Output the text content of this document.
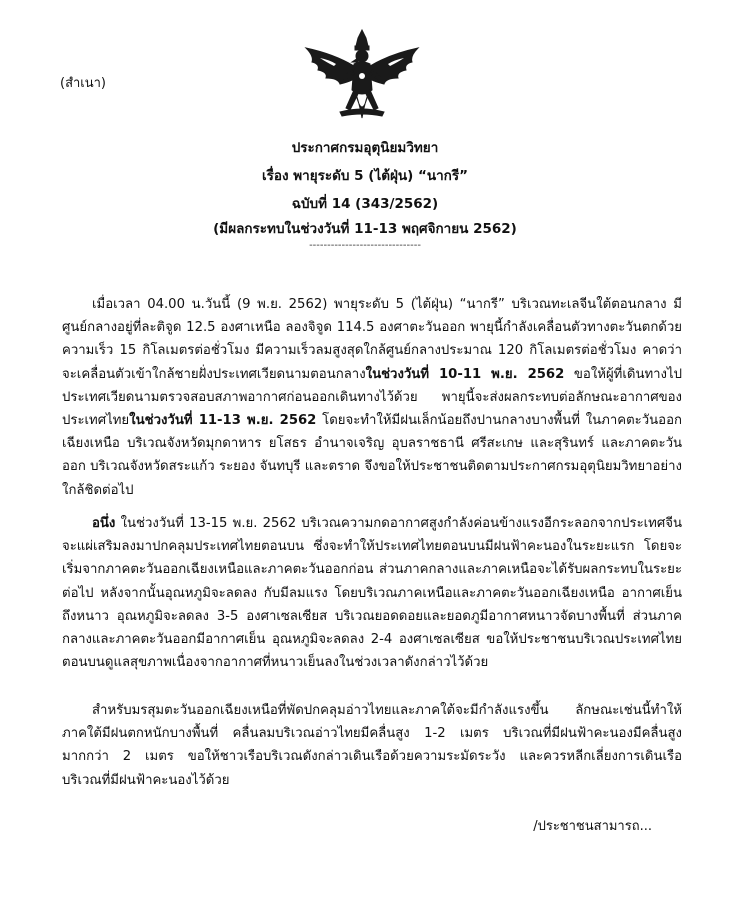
(สำเนา)
ประกาศกรมอุตุนิยมวิทยา
เรื่อง พายุระดับ 5 (ไต้ฝุ่น) “นากรี”
ฉบับที่ 14 (343/2562)
(มีผลกระทบในช่วงวันที่ 11-13 พฤศจิกายน 2562)
-------------------------------
เมื่อเวลา 04.00 น.วันนี้ (9 พ.ย. 2562) พายุระดับ 5 (ไต้ฝุ่น) “นากรี” บริเวณทะเลจีนใต้ตอนกลาง มีศูนย์กลางอยู่ที่ละติจูด 12.5 องศาเหนือ ลองจิจูด 114.5 องศาตะวันออก พายุนี้กำลังเคลื่อนตัวทางตะวันตกด้วยความเร็ว 15 กิโลเมตรต่อชั่วโมง มีความเร็วลมสูงสุดใกล้ศูนย์กลางประมาณ 120 กิโลเมตรต่อชั่วโมง คาดว่าจะเคลื่อนตัวเข้าใกล้ชายฝั่งประเทศเวียดนามตอนกลางในช่วงวันที่ 10-11 พ.ย. 2562 ขอให้ผู้ที่เดินทางไปประเทศเวียดนามตรวจสอบสภาพอากาศก่อนออกเดินทางไว้ด้วย พายุนี้จะส่งผลกระทบต่อลักษณะอากาศของประเทศไทยในช่วงวันที่ 11-13 พ.ย. 2562 โดยจะทำให้มีฝนเล็กน้อยถึงปานกลางบางพื้นที่ ในภาคตะวันออกเฉียงเหนือ บริเวณจังหวัดมุกดาหาร ยโสธร อำนาจเจริญ อุบลราชธานี ศรีสะเกษ และสุรินทร์ และภาคตะวันออก บริเวณจังหวัดสระแก้ว ระยอง จันทบุรี และตราด จึงขอให้ประชาชนติดตามประกาศกรมอุตุนิยมวิทยาอย่างใกล้ชิดต่อไป
อนึ่ง ในช่วงวันที่ 13-15 พ.ย. 2562 บริเวณความกดอากาศสูงกำลังค่อนข้างแรงอีกระลอกจากประเทศจีนจะแผ่เสริมลงมาปกคลุมประเทศไทยตอนบน ซึ่งจะทำให้ประเทศไทยตอนบนมีฝนฟ้าคะนองในระยะแรก โดยจะเริ่มจากภาคตะวันออกเฉียงเหนือและภาคตะวันออกก่อน ส่วนภาคกลางและภาคเหนือจะได้รับผลกระทบในระยะต่อไป หลังจากนั้นอุณหภูมิจะลดลง กับมีลมแรง โดยบริเวณภาคเหนือและภาคตะวันออกเฉียงเหนือ อากาศเย็นถึงหนาว อุณหภูมิจะลดลง 3-5 องศาเซลเซียส บริเวณยอดดอยและยอดภูมีอากาศหนาวจัดบางพื้นที่ ส่วนภาคกลางและภาคตะวันออกมีอากาศเย็น อุณหภูมิจะลดลง 2-4 องศาเซลเซียส ขอให้ประชาชนบริเวณประเทศไทยตอนบนดูแลสุขภาพเนื่องจากอากาศที่หนาวเย็นลงในช่วงเวลาดังกล่าวไว้ด้วย
สำหรับมรสุมตะวันออกเฉียงเหนือที่พัดปกคลุมอ่าวไทยและภาคใต้จะมีกำลังแรงขึ้น ลักษณะเช่นนี้ทำให้ภาคใต้มีฝนตกหนักบางพื้นที่ คลื่นลมบริเวณอ่าวไทยมีคลื่นสูง 1-2 เมตร บริเวณที่มีฝนฟ้าคะนองมีคลื่นสูงมากกว่า 2 เมตร ขอให้ชาวเรือบริเวณดังกล่าวเดินเรือด้วยความระมัดระวัง และควรหลีกเลี่ยงการเดินเรือบริเวณที่มีฝนฟ้าคะนองไว้ด้วย
/ประชาชนสามารถ...
